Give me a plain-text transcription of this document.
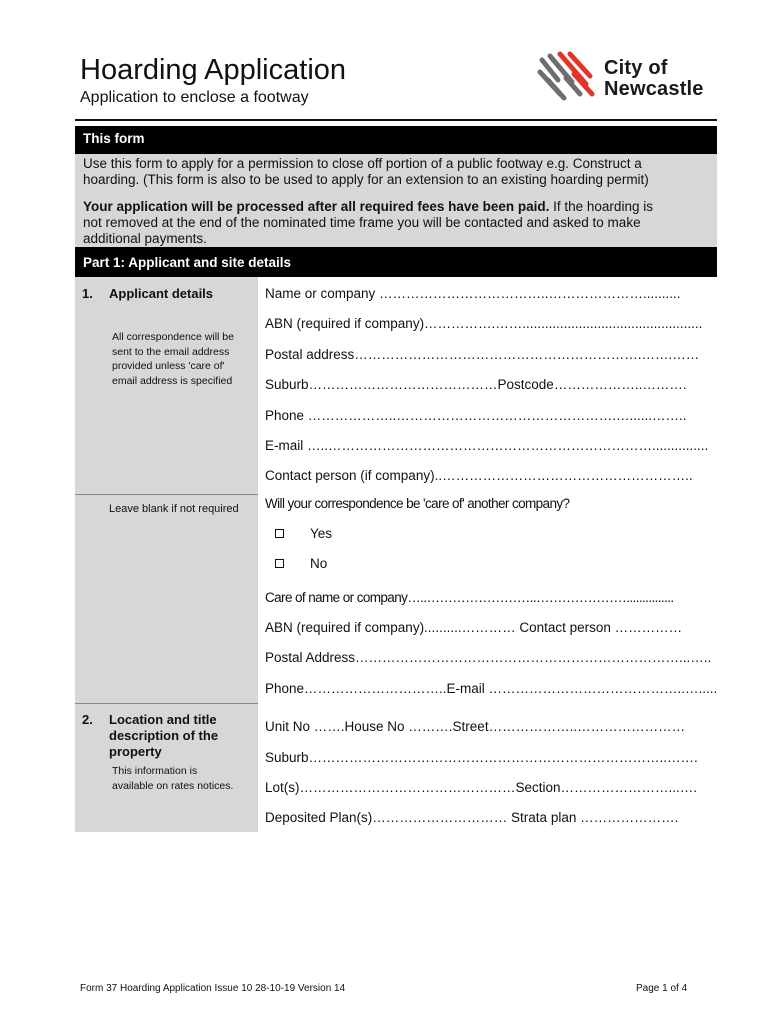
Hoarding Application
Application to enclose a footway
City of
Newcastle
This form

Use this form to apply for a permission to close off portion of a public footway e.g. Construct a
hoarding. (This form is also to be used to apply for an extension to an existing hoarding permit)

Your application will be processed after all required fees have been paid. If the hoarding is
not removed at the end of the nominated time frame you will be contacted and asked to make
additional payments.

Part 1: Applicant and site details
1. Applicant details
All correspondence will be
sent to the email address
provided unless 'care of'
email address is specified
Name or company ………………………………..…………………..........
ABN (required if company)…………….……................................................
Postal address……………………………………………………….…….……
Suburb……………………………………Postcode………………..……….
Phone ………………..………………………………………….…......……..
E-mail …..………………………………………………………………...............
Contact person (if company)..………………………………………………..
Leave blank if not required Will your correspondence be 'care of' another company?
Yes
No
Care of name or company…..……………………..…………………...............
ABN (required if company)..........………… Contact person ……………
Postal Address………………………………………………………………...…..
Phone…………………………..E-mail ……………………………………..….....
2. Location and title
description of the
property
This information is
available on rates notices.
Unit No …….House No ……….Street………………..……………………
Suburb……………………………………………………………………..…….
Lot(s)…………………………………………Section……………………...….
Deposited Plan(s)………………………… Strata plan ………………….
Form 37 Hoarding Application Issue 10 28-10-19 Version 14	Page 1 of 4
